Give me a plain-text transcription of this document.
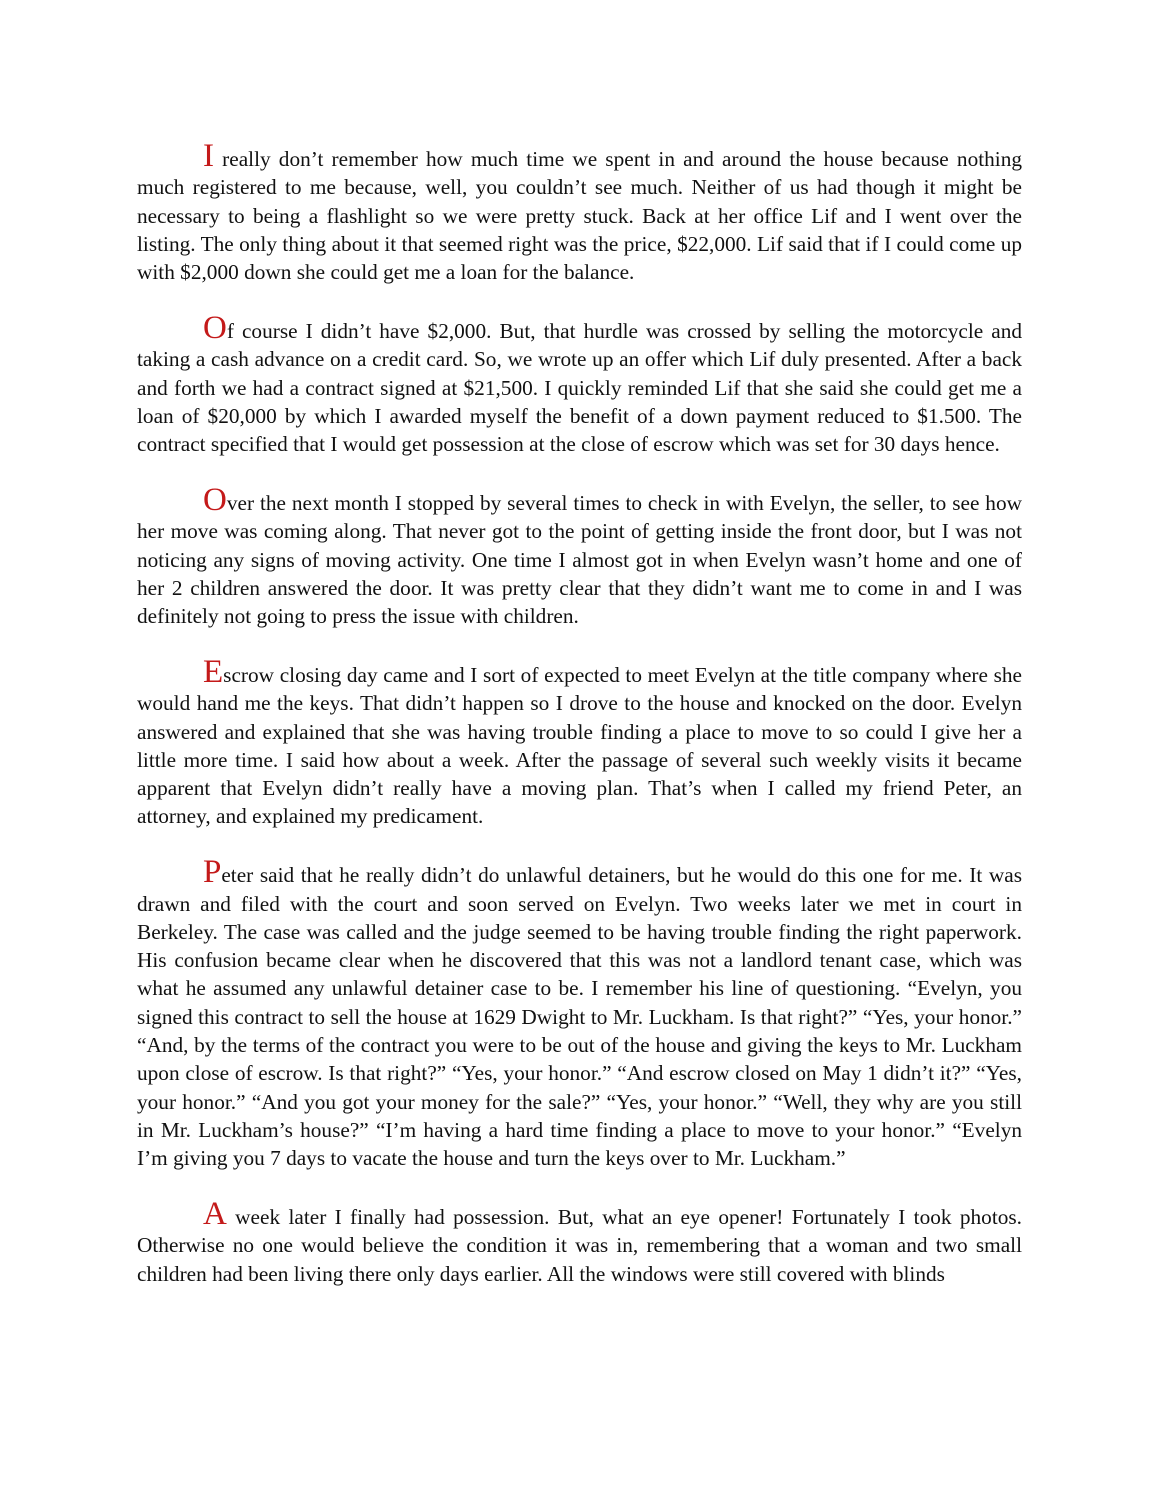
I really don’t remember how much time we spent in and around the house because nothing much registered to me because, well, you couldn’t see much. Neither of us had though it might be necessary to being a flashlight so we were pretty stuck. Back at her office Lif and I went over the listing. The only thing about it that seemed right was the price, $22,000. Lif said that if I could come up with $2,000 down she could get me a loan for the balance.

Of course I didn’t have $2,000. But, that hurdle was crossed by selling the motorcycle and taking a cash advance on a credit card. So, we wrote up an offer which Lif duly presented. After a back and forth we had a contract signed at $21,500. I quickly reminded Lif that she said she could get me a loan of $20,000 by which I awarded myself the benefit of a down payment reduced to $1.500. The contract specified that I would get possession at the close of escrow which was set for 30 days hence.

Over the next month I stopped by several times to check in with Evelyn, the seller, to see how her move was coming along. That never got to the point of getting inside the front door, but I was not noticing any signs of moving activity. One time I almost got in when Evelyn wasn’t home and one of her 2 children answered the door. It was pretty clear that they didn’t want me to come in and I was definitely not going to press the issue with children.

Escrow closing day came and I sort of expected to meet Evelyn at the title company where she would hand me the keys. That didn’t happen so I drove to the house and knocked on the door. Evelyn answered and explained that she was having trouble finding a place to move to so could I give her a little more time. I said how about a week. After the passage of several such weekly visits it became apparent that Evelyn didn’t really have a moving plan. That’s when I called my friend Peter, an attorney, and explained my predicament.

Peter said that he really didn’t do unlawful detainers, but he would do this one for me. It was drawn and filed with the court and soon served on Evelyn. Two weeks later we met in court in Berkeley. The case was called and the judge seemed to be having trouble finding the right paperwork. His confusion became clear when he discovered that this was not a landlord tenant case, which was what he assumed any unlawful detainer case to be. I remember his line of questioning. “Evelyn, you signed this contract to sell the house at 1629 Dwight to Mr. Luckham. Is that right?” “Yes, your honor.” “And, by the terms of the contract you were to be out of the house and giving the keys to Mr. Luckham upon close of escrow. Is that right?” “Yes, your honor.” “And escrow closed on May 1 didn’t it?” “Yes, your honor.” “And you got your money for the sale?” “Yes, your honor.” “Well, they why are you still in Mr. Luckham’s house?” “I’m having a hard time finding a place to move to your honor.” “Evelyn I’m giving you 7 days to vacate the house and turn the keys over to Mr. Luckham.”

A week later I finally had possession. But, what an eye opener! Fortunately I took photos. Otherwise no one would believe the condition it was in, remembering that a woman and two small children had been living there only days earlier. All the windows were still covered with blinds
